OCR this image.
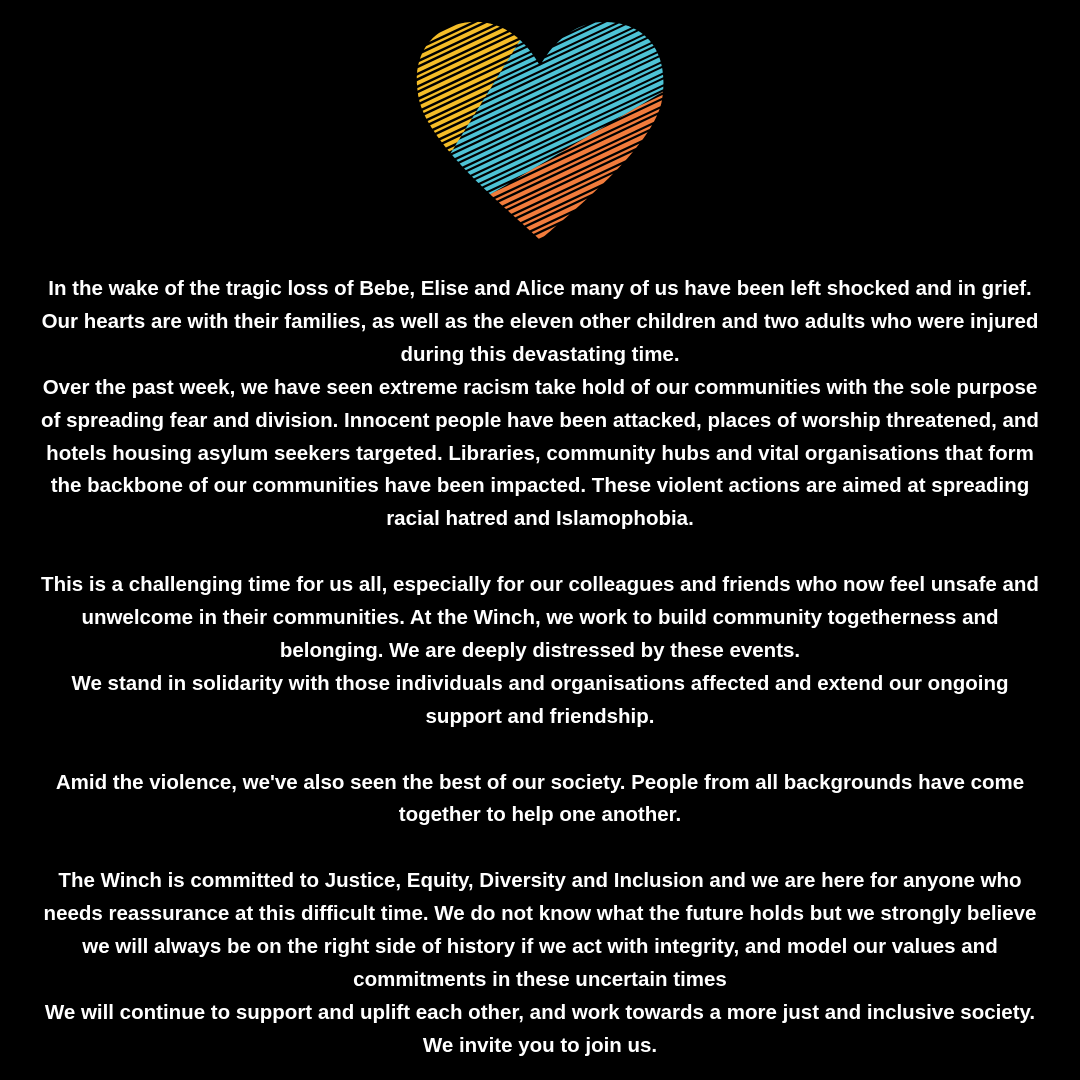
In the wake of the tragic loss of Bebe, Elise and Alice many of us have been left shocked and in grief. Our hearts are with their families, as well as the eleven other children and two adults who were injured during this devastating time.

Over the past week, we have seen extreme racism take hold of our communities with the sole purpose of spreading fear and division. Innocent people have been attacked, places of worship threatened, and hotels housing asylum seekers targeted. Libraries, community hubs and vital organisations that form the backbone of our communities have been impacted. These violent actions are aimed at spreading racial hatred and Islamophobia.

This is a challenging time for us all, especially for our colleagues and friends who now feel unsafe and unwelcome in their communities. At the Winch, we work to build community togetherness and belonging. We are deeply distressed by these events.

We stand in solidarity with those individuals and organisations affected and extend our ongoing support and friendship.

Amid the violence, we've also seen the best of our society. People from all backgrounds have come together to help one another.

The Winch is committed to Justice, Equity, Diversity and Inclusion and we are here for anyone who needs reassurance at this difficult time. We do not know what the future holds but we strongly believe we will always be on the right side of history if we act with integrity, and model our values and commitments in these uncertain times

We will continue to support and uplift each other, and work towards a more just and inclusive society. We invite you to join us.
